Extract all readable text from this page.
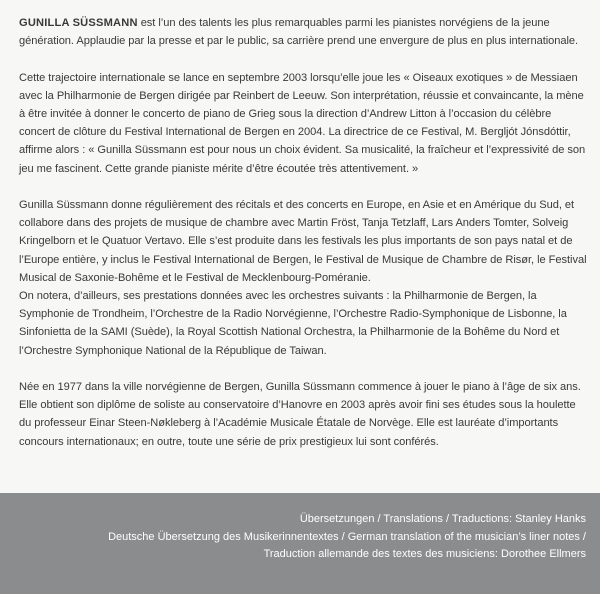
GUNILLA SÜSSMANN est l’un des talents les plus remarquables parmi les pianistes norvégiens de la jeune génération. Applaudie par la presse et par le public, sa carrière prend une envergure de plus en plus internationale.

Cette trajectoire internationale se lance en septembre 2003 lorsqu’elle joue les « Oiseaux exotiques » de Messiaen avec la Philharmonie de Bergen dirigée par Reinbert de Leeuw. Son interprétation, réussie et convaincante, la mène à être invitée à donner le concerto de piano de Grieg sous la direction d’Andrew Litton à l’occasion du célèbre concert de clôture du Festival International de Bergen en 2004. La directrice de ce Festival, M. Bergljót Jónsdóttir, affirme alors : « Gunilla Süssmann est pour nous un choix évident. Sa musicalité, la fraîcheur et l’expressivité de son jeu me fascinent. Cette grande pianiste mérite d’être écoutée très attentivement. »

Gunilla Süssmann donne régulièrement des récitals et des concerts en Europe, en Asie et en Amérique du Sud, et collabore dans des projets de musique de chambre avec Martin Fröst, Tanja Tetzlaff, Lars Anders Tomter, Solveig Kringelborn et le Quatuor Vertavo. Elle s’est produite dans les festivals les plus importants de son pays natal et de l’Europe entière, y inclus le Festival International de Bergen, le Festival de Musique de Chambre de Risør, le Festival Musical de Saxonie-Bohême et le Festival de Mecklenbourg-Poméranie.

On notera, d’ailleurs, ses prestations données avec les orchestres suivants : la Philharmonie de Bergen, la Symphonie de Trondheim, l’Orchestre de la Radio Norvégienne, l’Orchestre Radio-Symphonique de Lisbonne, la Sinfonietta de la SAMI (Suède), la Royal Scottish National Orchestra, la Philharmonie de la Bohême du Nord et l’Orchestre Symphonique National de la République de Taiwan.

Née en 1977 dans la ville norvégienne de Bergen, Gunilla Süssmann commence à jouer le piano à l’âge de six ans. Elle obtient son diplôme de soliste au conservatoire d’Hanovre en 2003 après avoir fini ses études sous la houlette du professeur Einar Steen-Nøkleberg à l’Académie Musicale Étatale de Norvège. Elle est lauréate d’importants concours internationaux; en outre, toute une série de prix prestigieux lui sont conférés.

Übersetzungen / Translations / Traductions: Stanley Hanks
Deutsche Übersetzung des Musikerinnentextes / German translation of the musician’s liner notes /
Traduction allemande des textes des musiciens: Dorothee Ellmers
